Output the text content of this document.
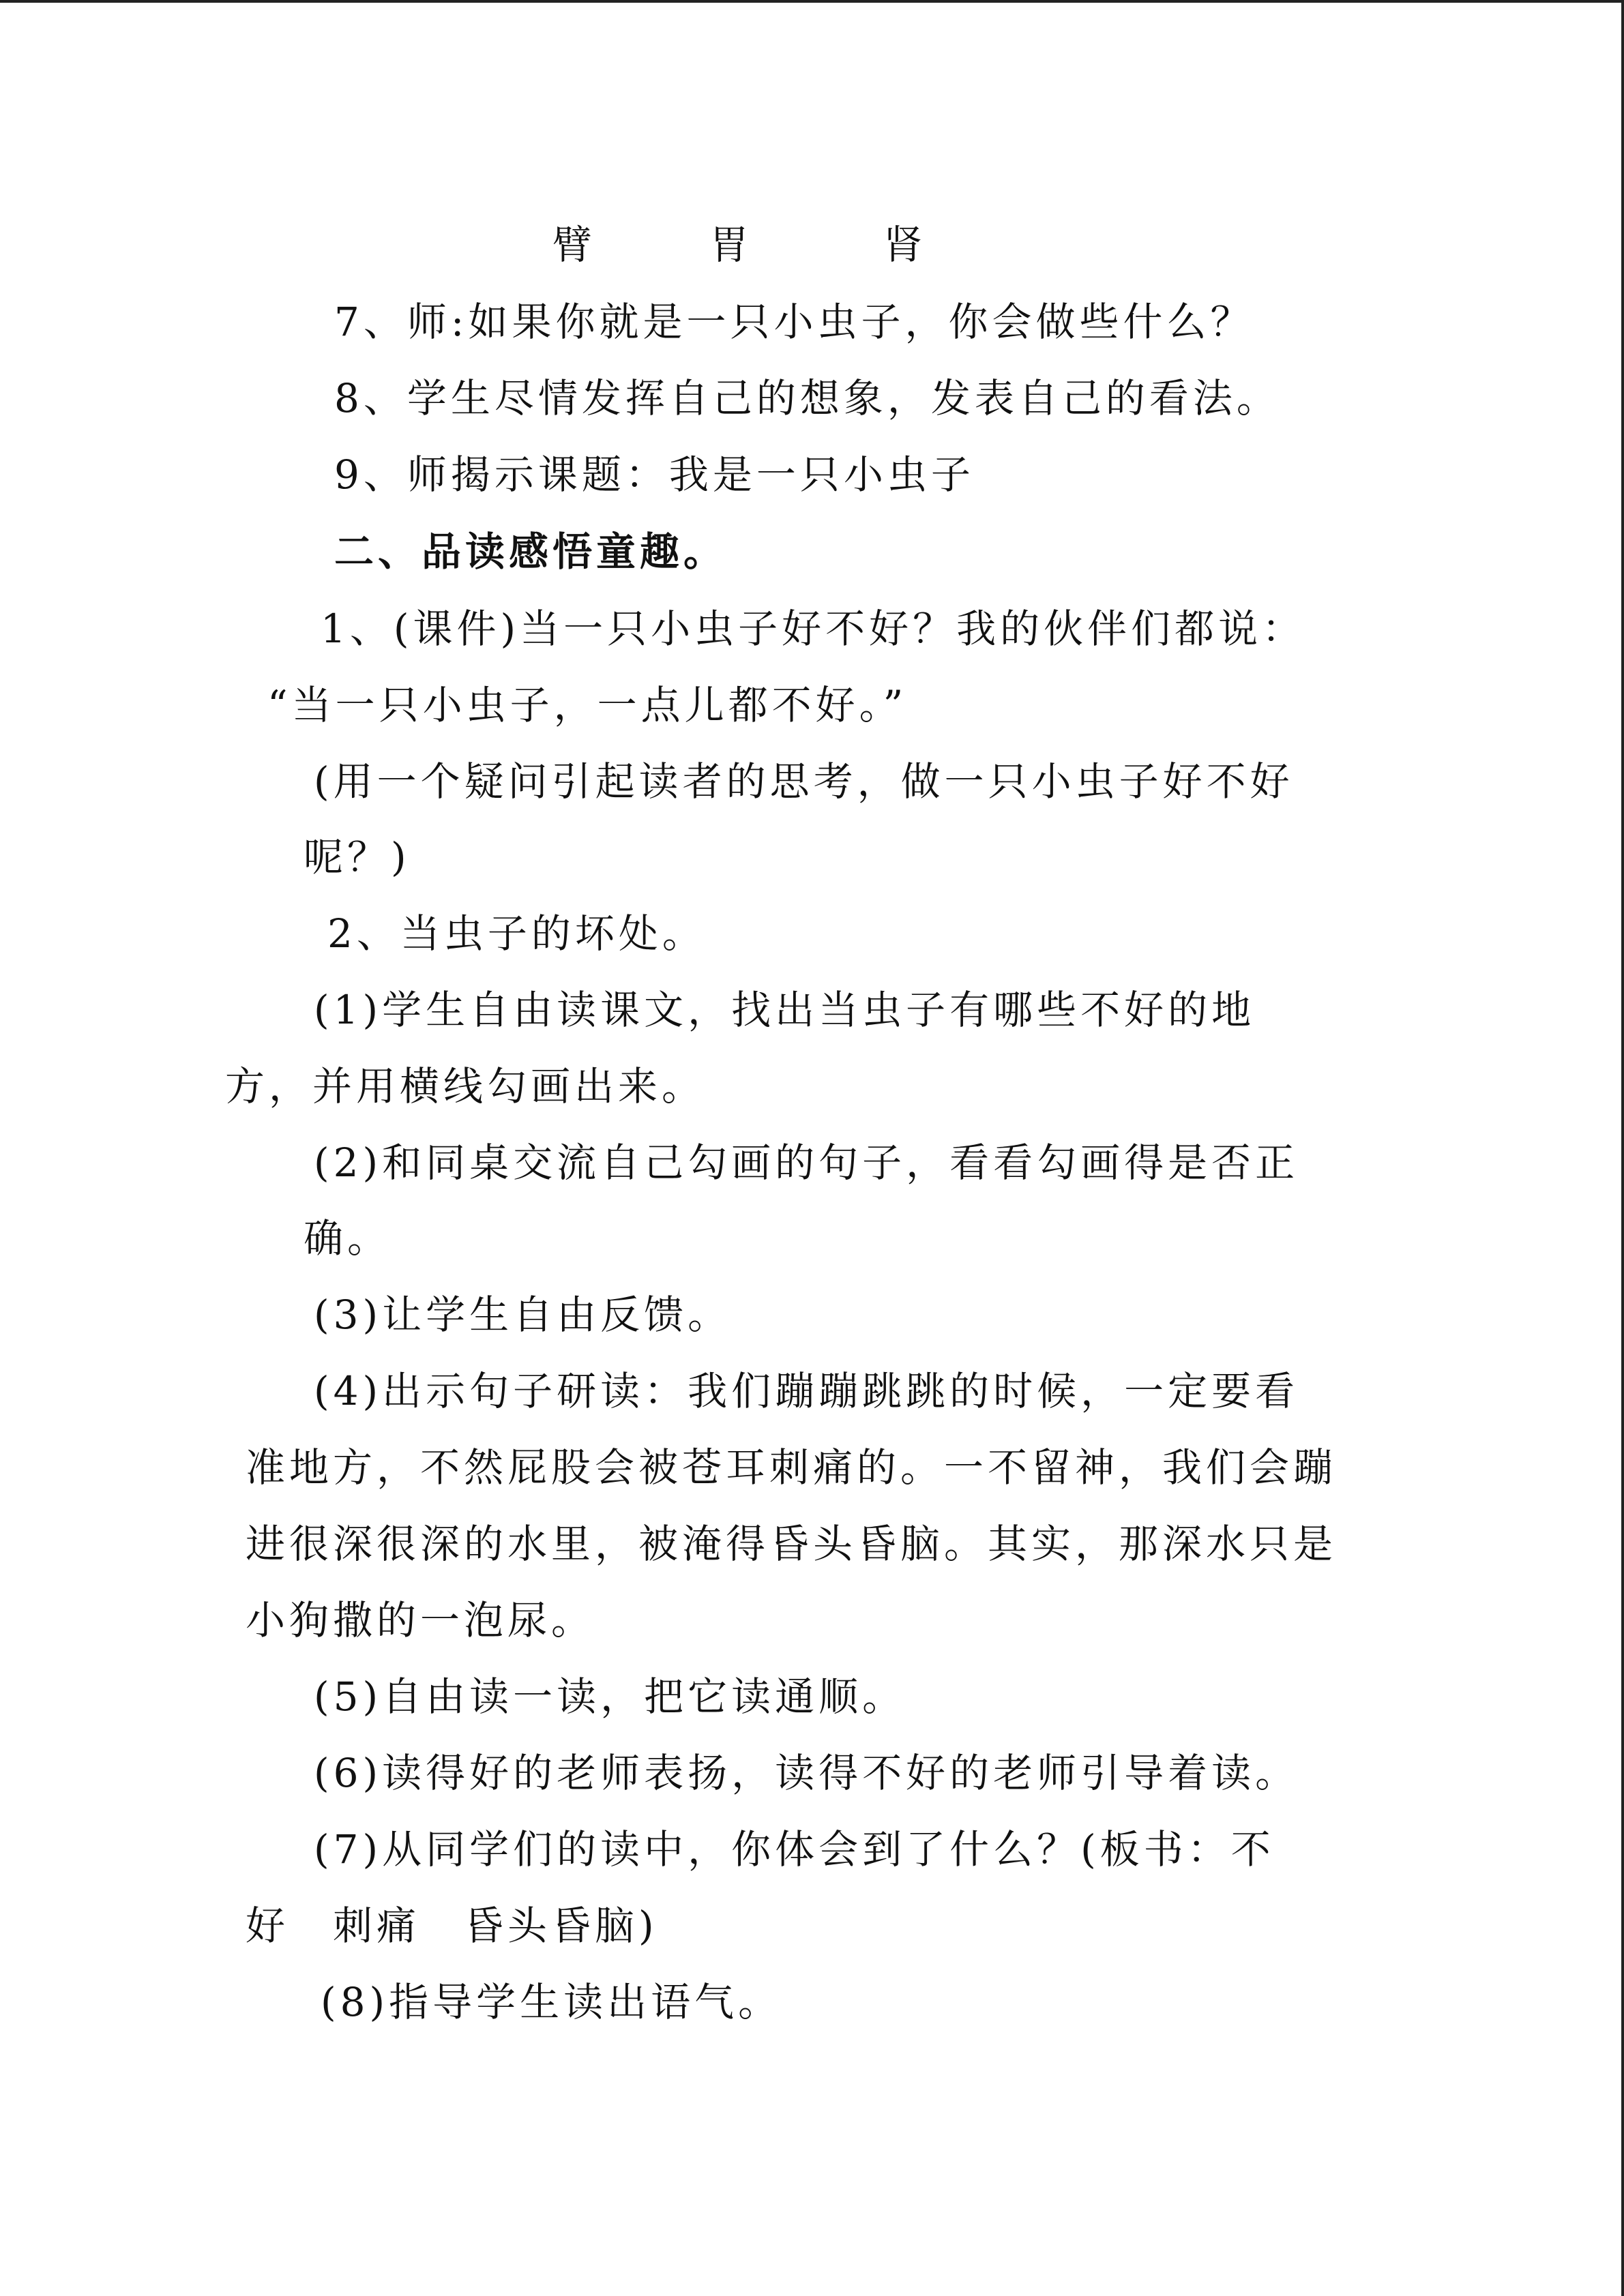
臂	胃	肾
7、师:如果你就是一只小虫子，你会做些什么？
8、学生尽情发挥自己的想象，发表自己的看法。
9、师揭示课题：我是一只小虫子
二、品读感悟童趣。
1、(课件)当一只小虫子好不好？我的伙伴们都说：
“当一只小虫子，一点儿都不好。”
(用一个疑问引起读者的思考，做一只小虫子好不好
呢？)
2、当虫子的坏处。
(1)学生自由读课文，找出当虫子有哪些不好的地
方，并用横线勾画出来。
(2)和同桌交流自己勾画的句子，看看勾画得是否正
确。
(3)让学生自由反馈。
(4)出示句子研读：我们蹦蹦跳跳的时候，一定要看
准地方，不然屁股会被苍耳刺痛的。一不留神，我们会蹦
进很深很深的水里，被淹得昏头昏脑。其实，那深水只是
小狗撒的一泡尿。
(5)自由读一读，把它读通顺。
(6)读得好的老师表扬，读得不好的老师引导着读。
(7)从同学们的读中，你体会到了什么？(板书：不
好　刺痛　昏头昏脑)
(8)指导学生读出语气。
